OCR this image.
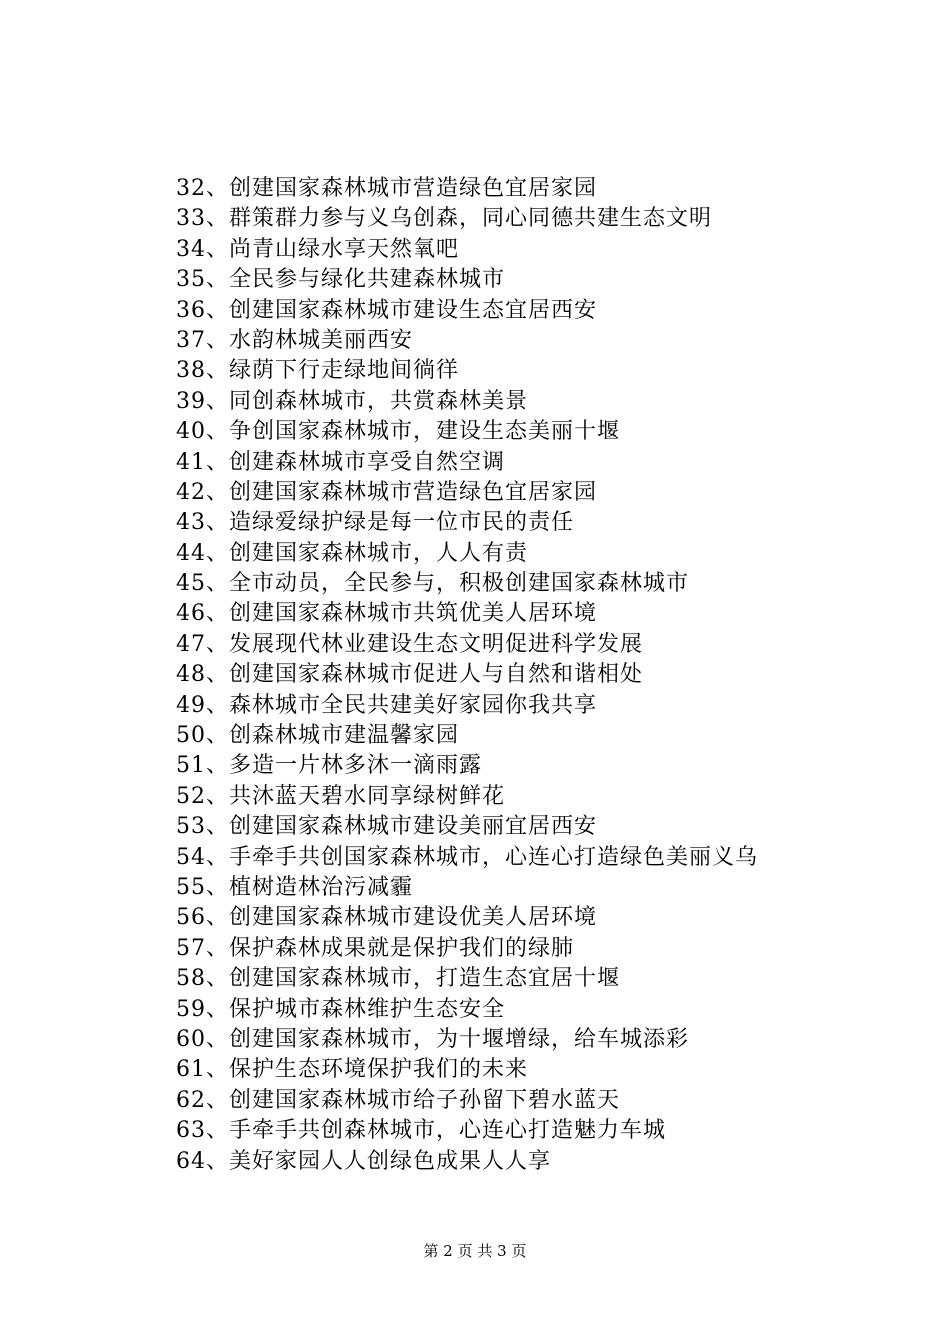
32、创建国家森林城市营造绿色宜居家园
33、群策群力参与义乌创森，同心同德共建生态文明
34、尚青山绿水享天然氧吧
35、全民参与绿化共建森林城市
36、创建国家森林城市建设生态宜居西安
37、水韵林城美丽西安
38、绿荫下行走绿地间徜徉
39、同创森林城市，共赏森林美景
40、争创国家森林城市，建设生态美丽十堰
41、创建森林城市享受自然空调
42、创建国家森林城市营造绿色宜居家园
43、造绿爱绿护绿是每一位市民的责任
44、创建国家森林城市，人人有责
45、全市动员，全民参与，积极创建国家森林城市
46、创建国家森林城市共筑优美人居环境
47、发展现代林业建设生态文明促进科学发展
48、创建国家森林城市促进人与自然和谐相处
49、森林城市全民共建美好家园你我共享
50、创森林城市建温馨家园
51、多造一片林多沐一滴雨露
52、共沐蓝天碧水同享绿树鲜花
53、创建国家森林城市建设美丽宜居西安
54、手牵手共创国家森林城市，心连心打造绿色美丽义乌
55、植树造林治污减霾
56、创建国家森林城市建设优美人居环境
57、保护森林成果就是保护我们的绿肺
58、创建国家森林城市，打造生态宜居十堰
59、保护城市森林维护生态安全
60、创建国家森林城市，为十堰增绿，给车城添彩
61、保护生态环境保护我们的未来
62、创建国家森林城市给子孙留下碧水蓝天
63、手牵手共创森林城市，心连心打造魅力车城
64、美好家园人人创绿色成果人人享
第 2 页 共 3 页
